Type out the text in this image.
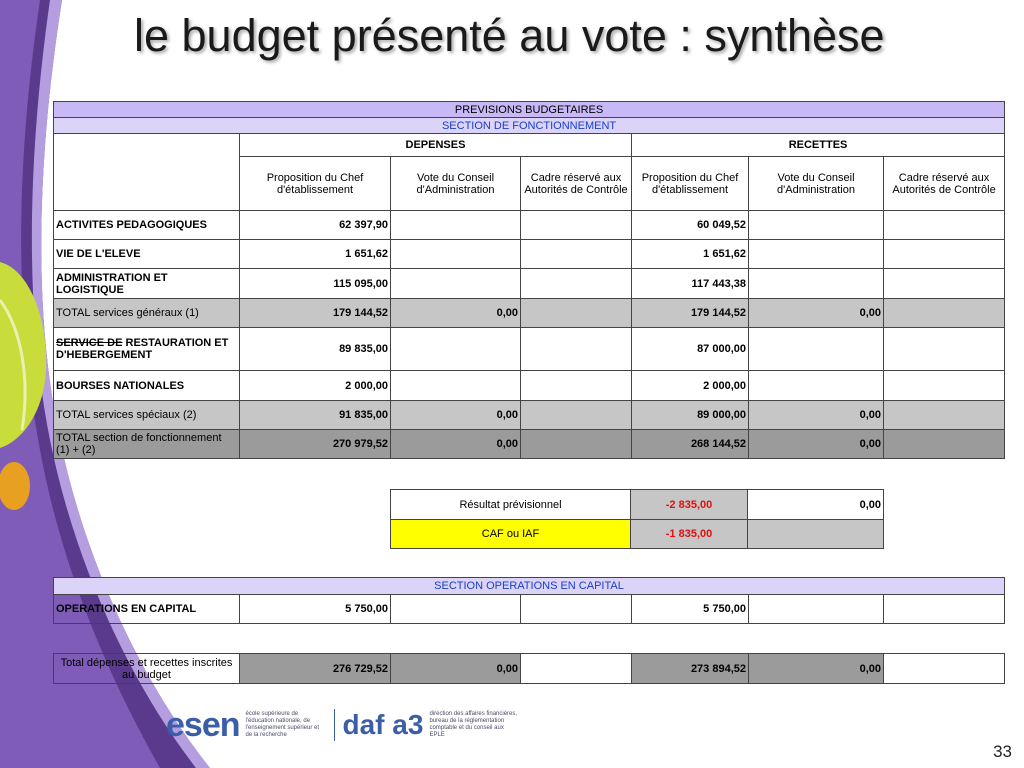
le budget présenté au vote : synthèse
PREVISIONS BUDGETAIRES						
SECTION DE FONCTIONNEMENT						
	DEPENSES			RECETTES		
	Proposition du Chef d'établissement	Vote du Conseil d'Administration	Cadre réservé aux Autorités de Contrôle	Proposition du Chef d'établissement	Vote du Conseil d'Administration	Cadre réservé aux Autorités de Contrôle
ACTIVITES PEDAGOGIQUES	62 397,90			60 049,52		
VIE DE L'ELEVE	1 651,62			1 651,62		
ADMINISTRATION ET LOGISTIQUE	115 095,00			117 443,38		
TOTAL services généraux (1)	179 144,52	0,00		179 144,52	0,00	
SERVICE DE RESTAURATION ET D'HEBERGEMENT	89 835,00			87 000,00		
BOURSES NATIONALES	2 000,00			2 000,00		
TOTAL services spéciaux (2)	91 835,00	0,00		89 000,00	0,00	
TOTAL section de fonctionnement (1) + (2)	270 979,52	0,00		268 144,52	0,00	
Résultat prévisionnel	-2 835,00	0,00
CAF ou IAF	-1 835,00	
SECTION OPERATIONS EN CAPITAL
OPERATIONS EN CAPITAL	5 750,00			5 750,00		
Total dépenses et recettes inscrites au budget	276 729,52	0,00		273 894,52	0,00	
esen école supérieure de l'éducation nationale, de l'enseignement supérieur et de la recherche	daf a3 direction des affaires financières, bureau de la réglementation comptable et du conseil aux EPLE
33
